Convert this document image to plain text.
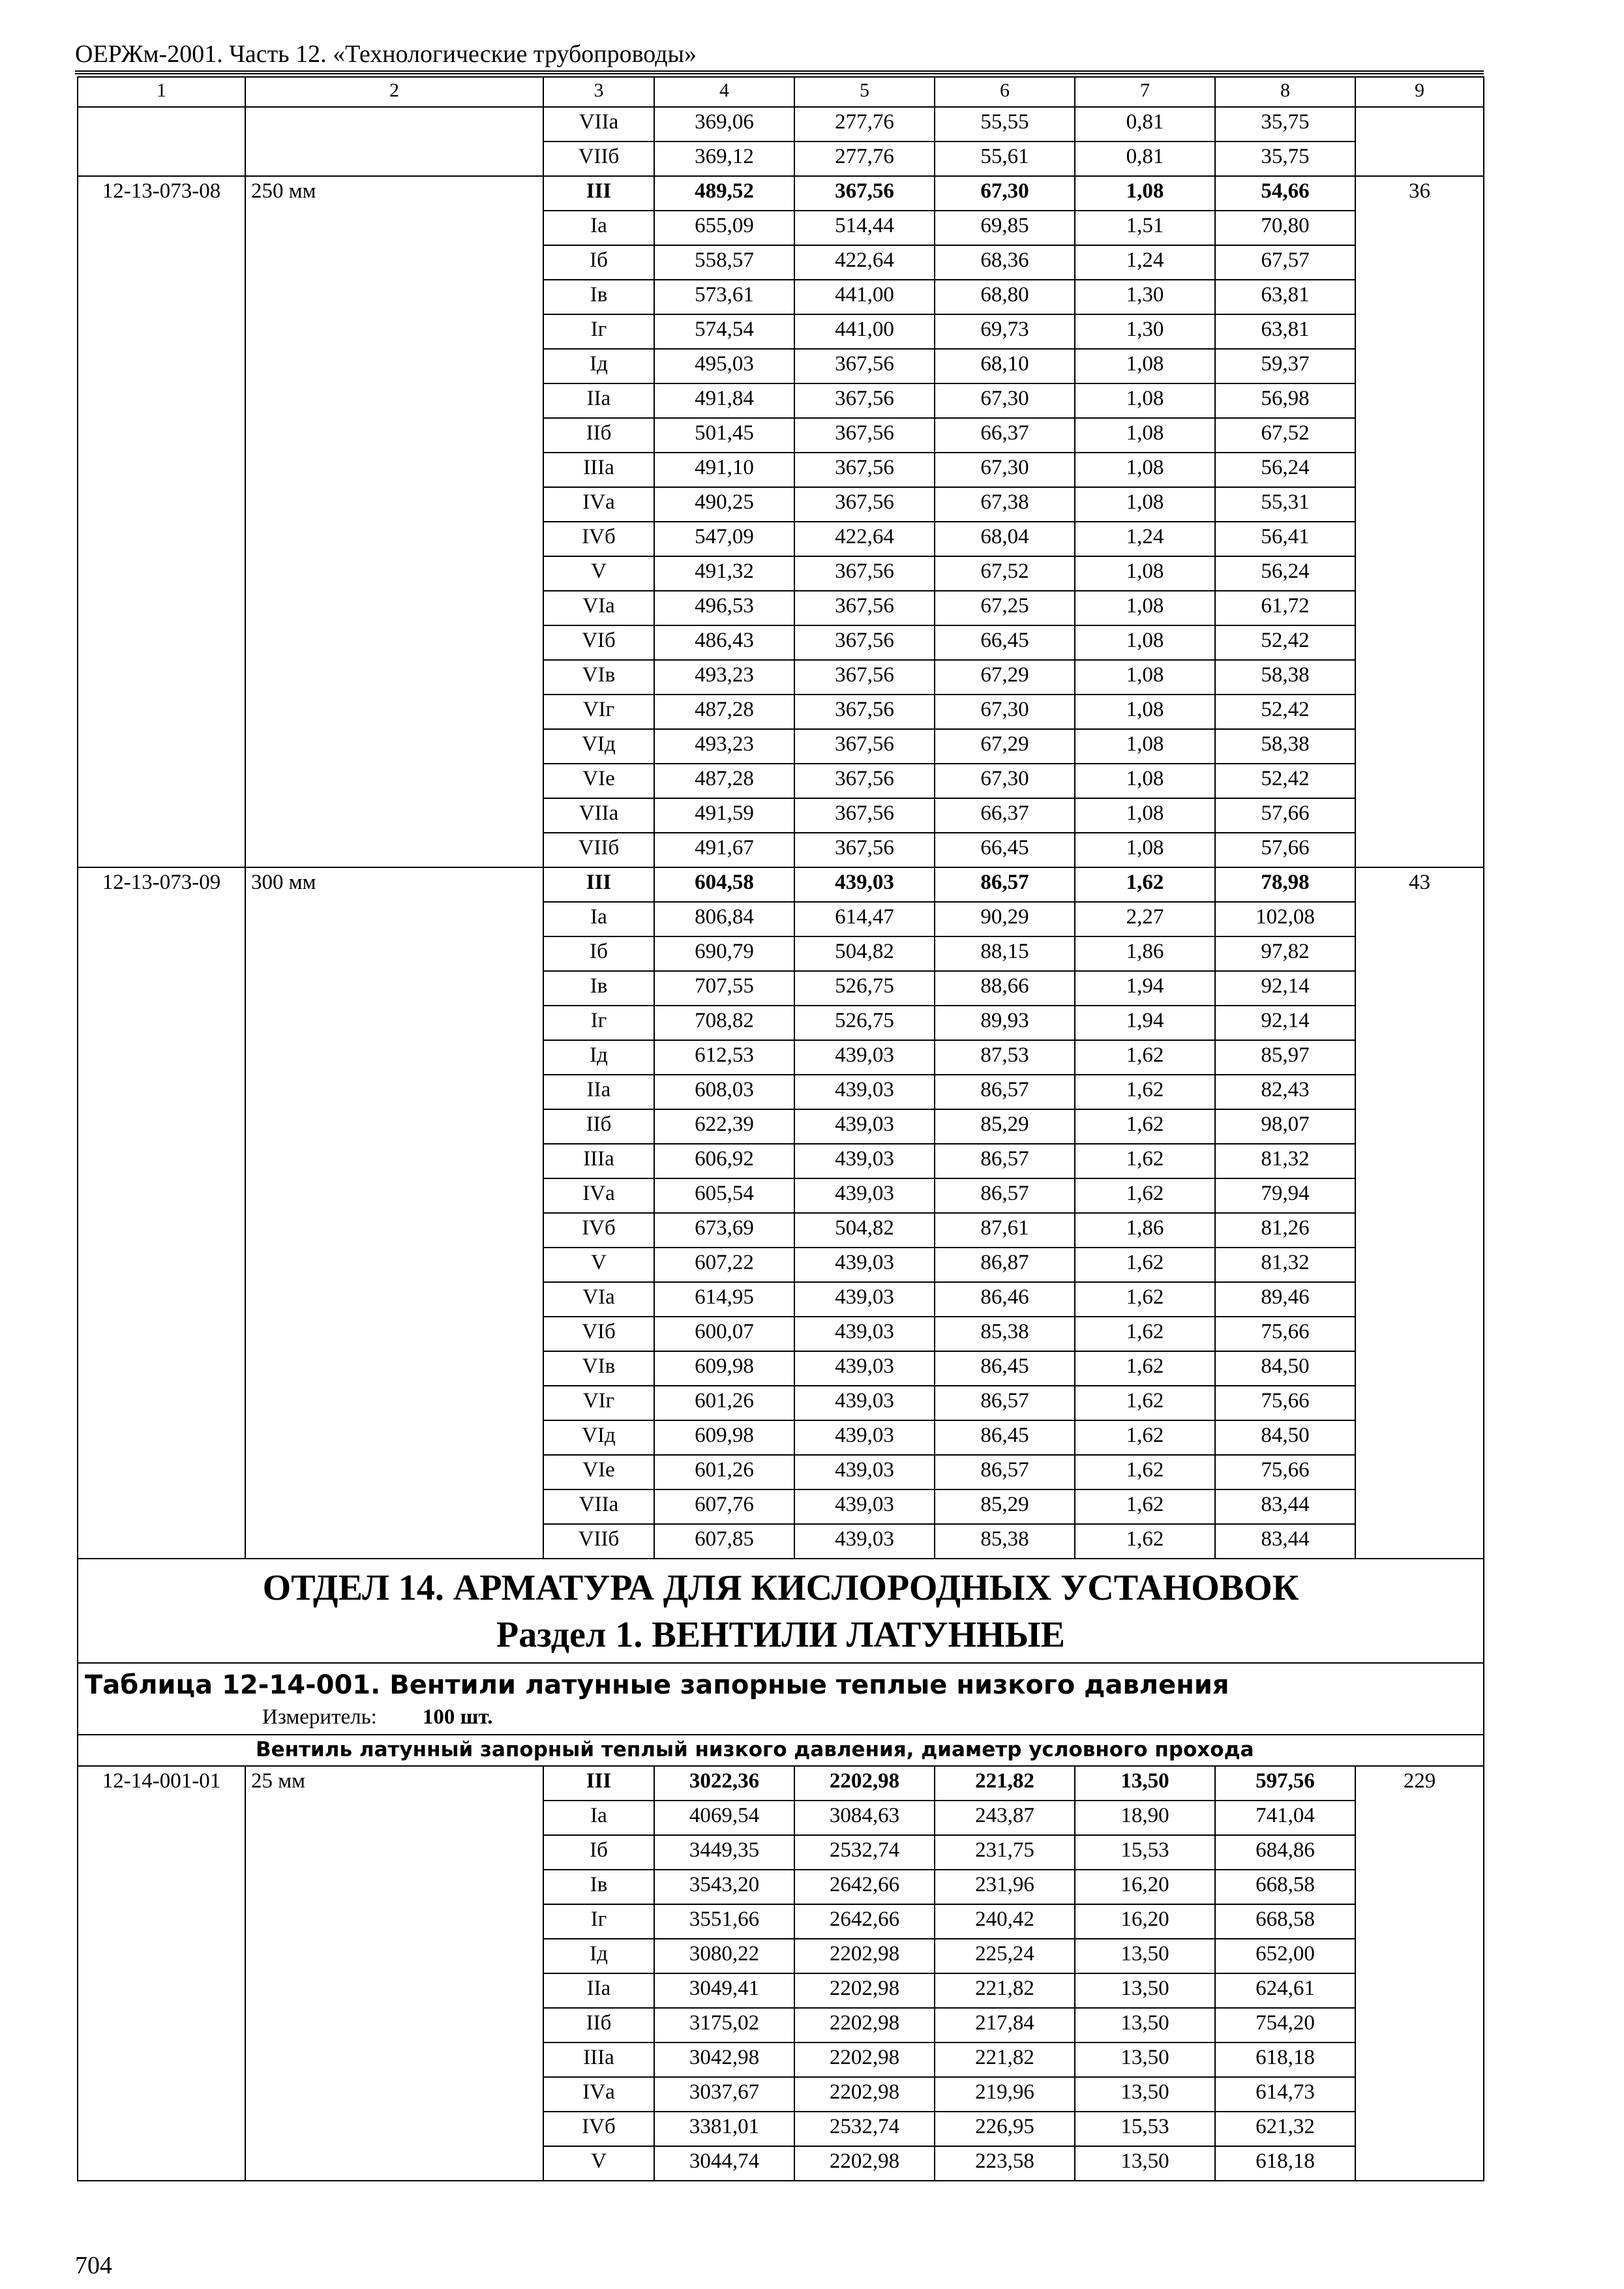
ОЕРЖм-2001. Часть 12. «Технологические трубопроводы»
1	2	3	4	5	6	7	8	9
		VIIа	369,06	277,76	55,55	0,81	35,75	
		VIIб	369,12	277,76	55,61	0,81	35,75	
12-13-073-08	250 мм	III	489,52	367,56	67,30	1,08	54,66	36
		Iа	655,09	514,44	69,85	1,51	70,80	
		Iб	558,57	422,64	68,36	1,24	67,57	
		Iв	573,61	441,00	68,80	1,30	63,81	
		Iг	574,54	441,00	69,73	1,30	63,81	
		Iд	495,03	367,56	68,10	1,08	59,37	
		IIа	491,84	367,56	67,30	1,08	56,98	
		IIб	501,45	367,56	66,37	1,08	67,52	
		IIIа	491,10	367,56	67,30	1,08	56,24	
		IVа	490,25	367,56	67,38	1,08	55,31	
		IVб	547,09	422,64	68,04	1,24	56,41	
		V	491,32	367,56	67,52	1,08	56,24	
		VIа	496,53	367,56	67,25	1,08	61,72	
		VIб	486,43	367,56	66,45	1,08	52,42	
		VIв	493,23	367,56	67,29	1,08	58,38	
		VIг	487,28	367,56	67,30	1,08	52,42	
		VIд	493,23	367,56	67,29	1,08	58,38	
		VIе	487,28	367,56	67,30	1,08	52,42	
		VIIа	491,59	367,56	66,37	1,08	57,66	
		VIIб	491,67	367,56	66,45	1,08	57,66	
12-13-073-09	300 мм	III	604,58	439,03	86,57	1,62	78,98	43
		Iа	806,84	614,47	90,29	2,27	102,08	
		Iб	690,79	504,82	88,15	1,86	97,82	
		Iв	707,55	526,75	88,66	1,94	92,14	
		Iг	708,82	526,75	89,93	1,94	92,14	
		Iд	612,53	439,03	87,53	1,62	85,97	
		IIа	608,03	439,03	86,57	1,62	82,43	
		IIб	622,39	439,03	85,29	1,62	98,07	
		IIIа	606,92	439,03	86,57	1,62	81,32	
		IVа	605,54	439,03	86,57	1,62	79,94	
		IVб	673,69	504,82	87,61	1,86	81,26	
		V	607,22	439,03	86,87	1,62	81,32	
		VIа	614,95	439,03	86,46	1,62	89,46	
		VIб	600,07	439,03	85,38	1,62	75,66	
		VIв	609,98	439,03	86,45	1,62	84,50	
		VIг	601,26	439,03	86,57	1,62	75,66	
		VIд	609,98	439,03	86,45	1,62	84,50	
		VIе	601,26	439,03	86,57	1,62	75,66	
		VIIа	607,76	439,03	85,29	1,62	83,44	
		VIIб	607,85	439,03	85,38	1,62	83,44	

ОТДЕЛ 14. АРМАТУРА ДЛЯ КИСЛОРОДНЫХ УСТАНОВОК
Раздел 1. ВЕНТИЛИ ЛАТУННЫЕ								

Таблица 12-14-001. Вентили латунные запорные теплые низкого давления
Измеритель: 100 шт.								

Вентиль латунный запорный теплый низкого давления, диаметр условного прохода								
12-14-001-01	25 мм	III	3022,36	2202,98	221,82	13,50	597,56	229
		Iа	4069,54	3084,63	243,87	18,90	741,04	
		Iб	3449,35	2532,74	231,75	15,53	684,86	
		Iв	3543,20	2642,66	231,96	16,20	668,58	
		Iг	3551,66	2642,66	240,42	16,20	668,58	
		Iд	3080,22	2202,98	225,24	13,50	652,00	
		IIа	3049,41	2202,98	221,82	13,50	624,61	
		IIб	3175,02	2202,98	217,84	13,50	754,20	
		IIIа	3042,98	2202,98	221,82	13,50	618,18	
		IVа	3037,67	2202,98	219,96	13,50	614,73	
		IVб	3381,01	2532,74	226,95	15,53	621,32	
		V	3044,74	2202,98	223,58	13,50	618,18	
704
